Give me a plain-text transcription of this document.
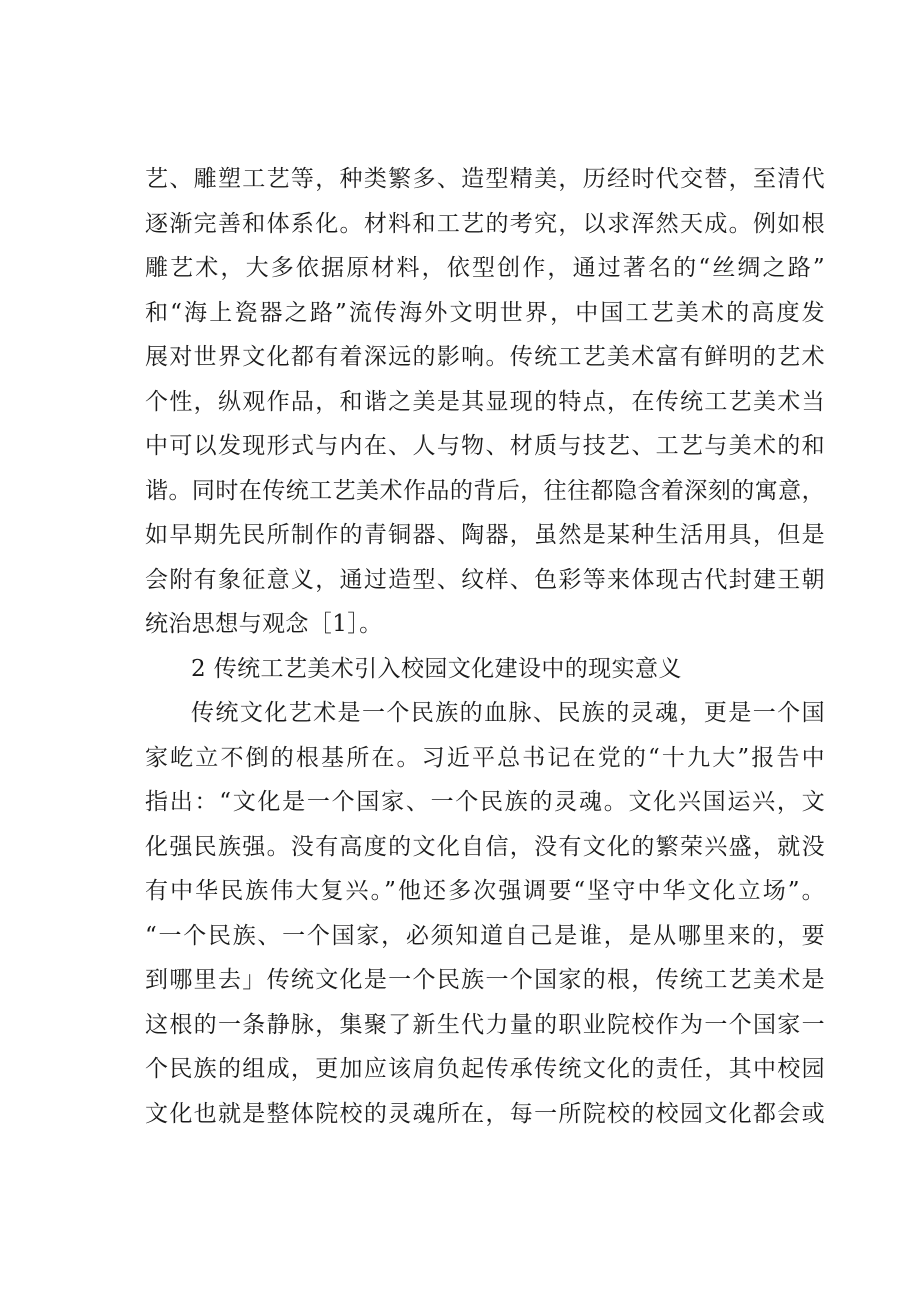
艺、雕塑工艺等，种类繁多、造型精美，历经时代交替，至清代
逐渐完善和体系化。材料和工艺的考究，以求浑然天成。例如根
雕艺术，大多依据原材料，依型创作，通过著名的“丝绸之路”
和“海上瓷器之路”流传海外文明世界，中国工艺美术的高度发
展对世界文化都有着深远的影响。传统工艺美术富有鲜明的艺术
个性，纵观作品，和谐之美是其显现的特点，在传统工艺美术当
中可以发现形式与内在、人与物、材质与技艺、工艺与美术的和
谐。同时在传统工艺美术作品的背后，往往都隐含着深刻的寓意，
如早期先民所制作的青铜器、陶器，虽然是某种生活用具，但是
会附有象征意义，通过造型、纹样、色彩等来体现古代封建王朝
统治思想与观念［1］。
2 传统工艺美术引入校园文化建设中的现实意义
传统文化艺术是一个民族的血脉、民族的灵魂，更是一个国
家屹立不倒的根基所在。习近平总书记在党的“十九大”报告中
指出：“文化是一个国家、一个民族的灵魂。文化兴国运兴，文
化强民族强。没有高度的文化自信，没有文化的繁荣兴盛，就没
有中华民族伟大复兴。”他还多次强调要“坚守中华文化立场”。
“一个民族、一个国家，必须知道自己是谁，是从哪里来的，要
到哪里去」传统文化是一个民族一个国家的根，传统工艺美术是
这根的一条静脉，集聚了新生代力量的职业院校作为一个国家一
个民族的组成，更加应该肩负起传承传统文化的责任，其中校园
文化也就是整体院校的灵魂所在，每一所院校的校园文化都会或
